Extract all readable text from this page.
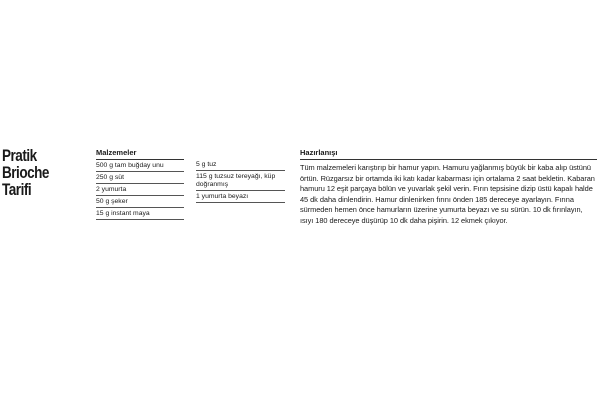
Pratik
Brioche
Tarifi
Malzemeler
500 g tam buğday unu
250 g süt
2 yumurta
50 g şeker
15 g instant maya
5 g tuz
115 g tuzsuz tereyağı, küp doğranmış
1 yumurta beyazı
Hazırlanışı
Tüm malzemeleri karıştırıp bir hamur yapın. Hamuru yağlanmış büyük bir kaba alıp üstünü örtün. Rüzgarsız bir ortamda iki katı kadar kabarması için ortalama 2 saat bekletin. Kabaran hamuru 12 eşit parçaya bölün ve yuvarlak şekil verin. Fırın tepsisine dizip üstü kapalı halde 45 dk daha dinlendirin. Hamur dinlenirken fırını önden 185 dereceye ayarlayın. Fırına sürmeden hemen önce hamurların üzerine yumurta beyazı ve su sürün. 10 dk fırınlayın, ısıyı 180 dereceye düşürüp 10 dk daha pişirin. 12 ekmek çıkıyor.
